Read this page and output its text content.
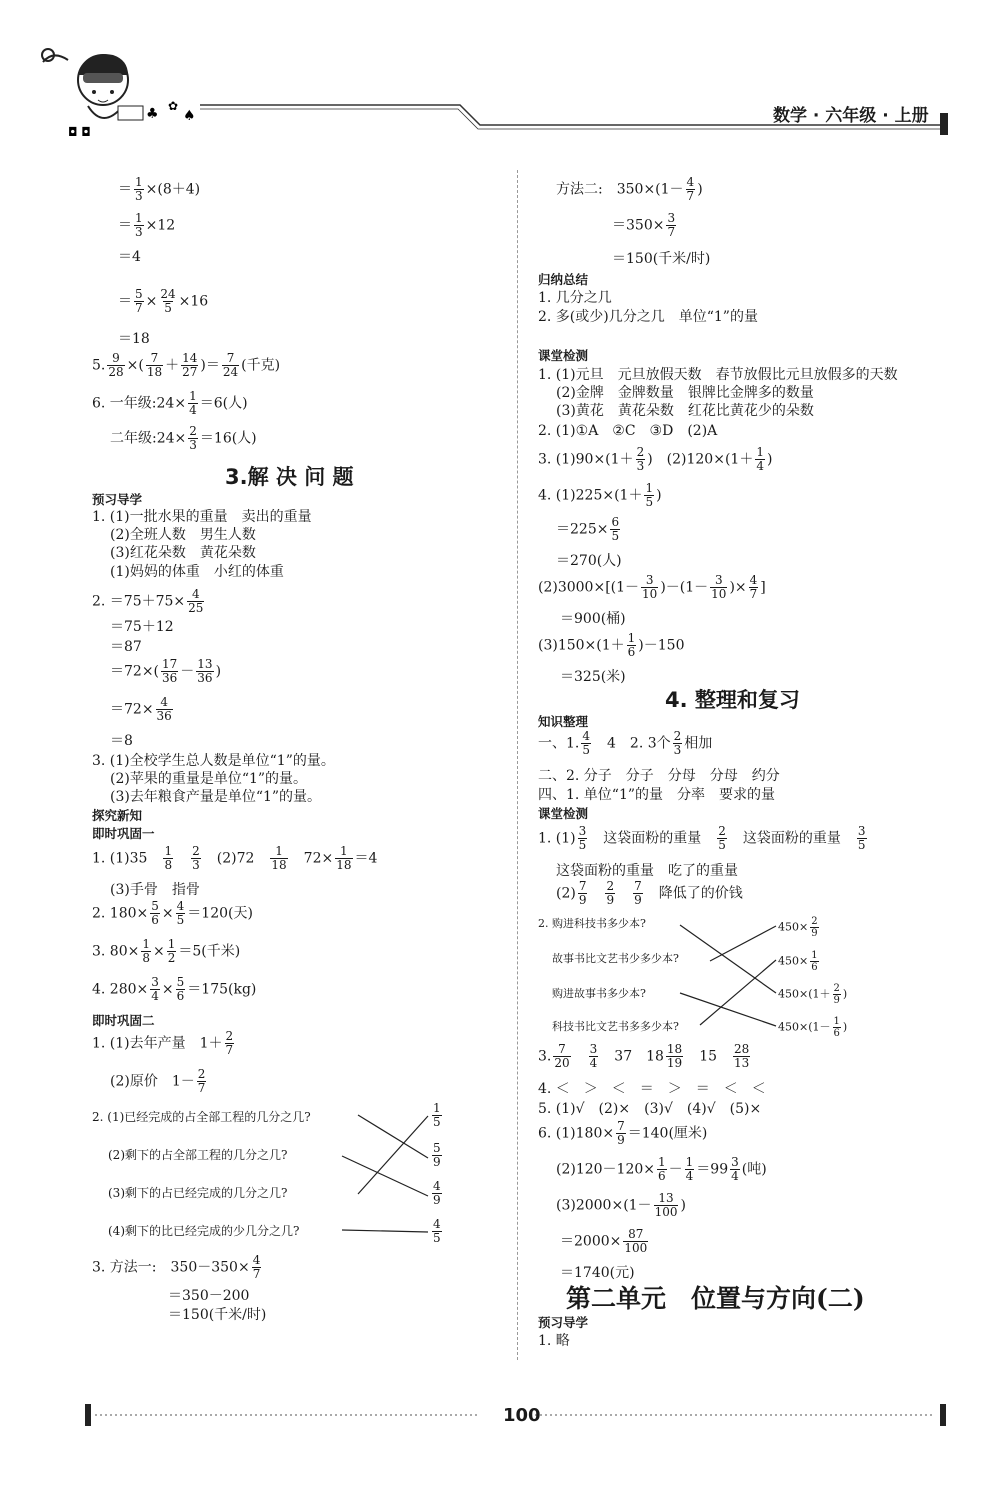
♣ ✿
♠
◘ ◘
数学 · 六年级 · 上册
＝ $\frac{1}{3} \times(8+4)$
＝ $\frac{1}{3} \times 12$
＝4
＝ $\frac{5}{7} \times \frac{24}{5} \times 16$
＝18
5. $\frac{9}{28}$ ×( $\frac{7}{18} + \frac{14}{27}$ )＝ $\frac{7}{24}$ (千克)
6. 一年级:24× $\frac{1}{4} =6$(人)
二年级:24× $\frac{2}{3} =16$(人)
3.解 决 问 题
预习导学
1. (1)一批水果的重量　卖出的重量
(2)全班人数　男生人数
(3)红花朵数　黄花朵数
(1)妈妈的体重　小红的体重
2. $=75+75\times \frac{4}{25}$
＝75＋12
＝87
$=72\times( \frac{17}{36} - \frac{13}{36}$ )
$=72\times \frac{4}{36}$
＝8
3. (1)全校学生总人数是单位“1”的量。
(2)苹果的重量是单位“1”的量。
(3)去年粮食产量是单位“1”的量。
探究新知
即时巩固一
1. (1)35　 $\frac{1}{8}$
　 $\frac{2}{3}$
　 (2)72　 $\frac{1}{18}$
　 $72\times \frac{1}{18} =4$
(3)手骨　指骨
2. $180\times \frac{5}{6} \times \frac{4}{5} =120$(天)
3. $80\times \frac{1}{8} \times \frac{1}{2} =5$(千米)
4. $280\times \frac{3}{4} \times \frac{5}{6} =175(kg)$
即时巩固二
1. (1)去年产量　$1+ \frac{2}{7}$
(2)原价　$1- \frac{2}{7}$
2. (1)已经完成的占全部工程的几分之几?
(2)剩下的占全部工程的几分之几?
(3)剩下的占已经完成的几分之几?
(4)剩下的比已经完成的少几分之几?
$\frac{1}{5}$
$\frac{5}{9}$
$\frac{4}{9}$
$\frac{4}{5}$
3. 方法一:　$350-350\times \frac{4}{7}$
＝350－200
＝150(千米/时)
方法二:　$350\times(1- \frac{4}{7}$ )
$=350\times \frac{3}{7}$
＝150(千米/时)
归纳总结
1. 几分之几
2. 多(或少)几分之几　单位“1”的量
课堂检测
1. (1)元旦　元旦放假天数　春节放假比元旦放假多的天数
(2)金牌　金牌数量　银牌比金牌多的数量
(3)黄花　黄花朵数　红花比黄花少的朵数
2. (1)①A　②C　③D　(2)A
3. $(1)90\times(1+ \frac{2}{3}$ )　$(2)120\times(1+ \frac{1}{4}$ )
4. $(1)225\times(1+ \frac{1}{5}$ )
$=225\times \frac{6}{5}$
＝270(人)
$(2)3000\times[(1- \frac{3}{10} )-(1- \frac{3}{10}$ )× $\frac{4}{7}$ ]
＝900(桶)
$(3)150\times(1+ \frac{1}{6} )-150$
＝325(米)
4. 整理和复习
知识整理
一、1. $\frac{4}{5}$
　 4　2. 3个 $\frac{2}{3}$ 相加
二、2. 分子　分子　分母　分母　约分
四、1. 单位“1”的量　分率　要求的量
课堂检测
1. $(1) \frac{3}{5}$
　 这袋面粉的重量　 $\frac{2}{5}$
　 这袋面粉的重量　 $\frac{3}{5}$
这袋面粉的重量　吃了的重量
$(2) \frac{7}{9}$
　 $\frac{2}{9}$
　 $\frac{7}{9}$
　 降低了的价钱
2. 购进科技书多少本?
故事书比文艺书少多少本?
购进故事书多少本?
科技书比文艺书多多少本?
$450\times \frac{2}{9}$
$450\times \frac{1}{6}$
$450\times(1+ \frac{2}{9}$ )
$450\times(1- \frac{1}{6}$ )
3. $\frac{7}{20}$
　 $\frac{3}{4}$
　 37　$18 \frac{18}{19}$
　 15　 $\frac{28}{13}$
4. ＜　＞　＜　＝　＞　＝　＜　＜
5. (1)√　(2)×　(3)√　(4)√　(5)×
6. $(1)180\times \frac{7}{9} =140$(厘米)
$(2)120-120\times \frac{1}{6} - \frac{1}{4} =99 \frac{3}{4}$ (吨)
$(3)2000\times(1- \frac{13}{100}$ )
$=2000\times \frac{87}{100}$
＝1740(元)
第二单元　位置与方向(二)
预习导学
1. 略
100
